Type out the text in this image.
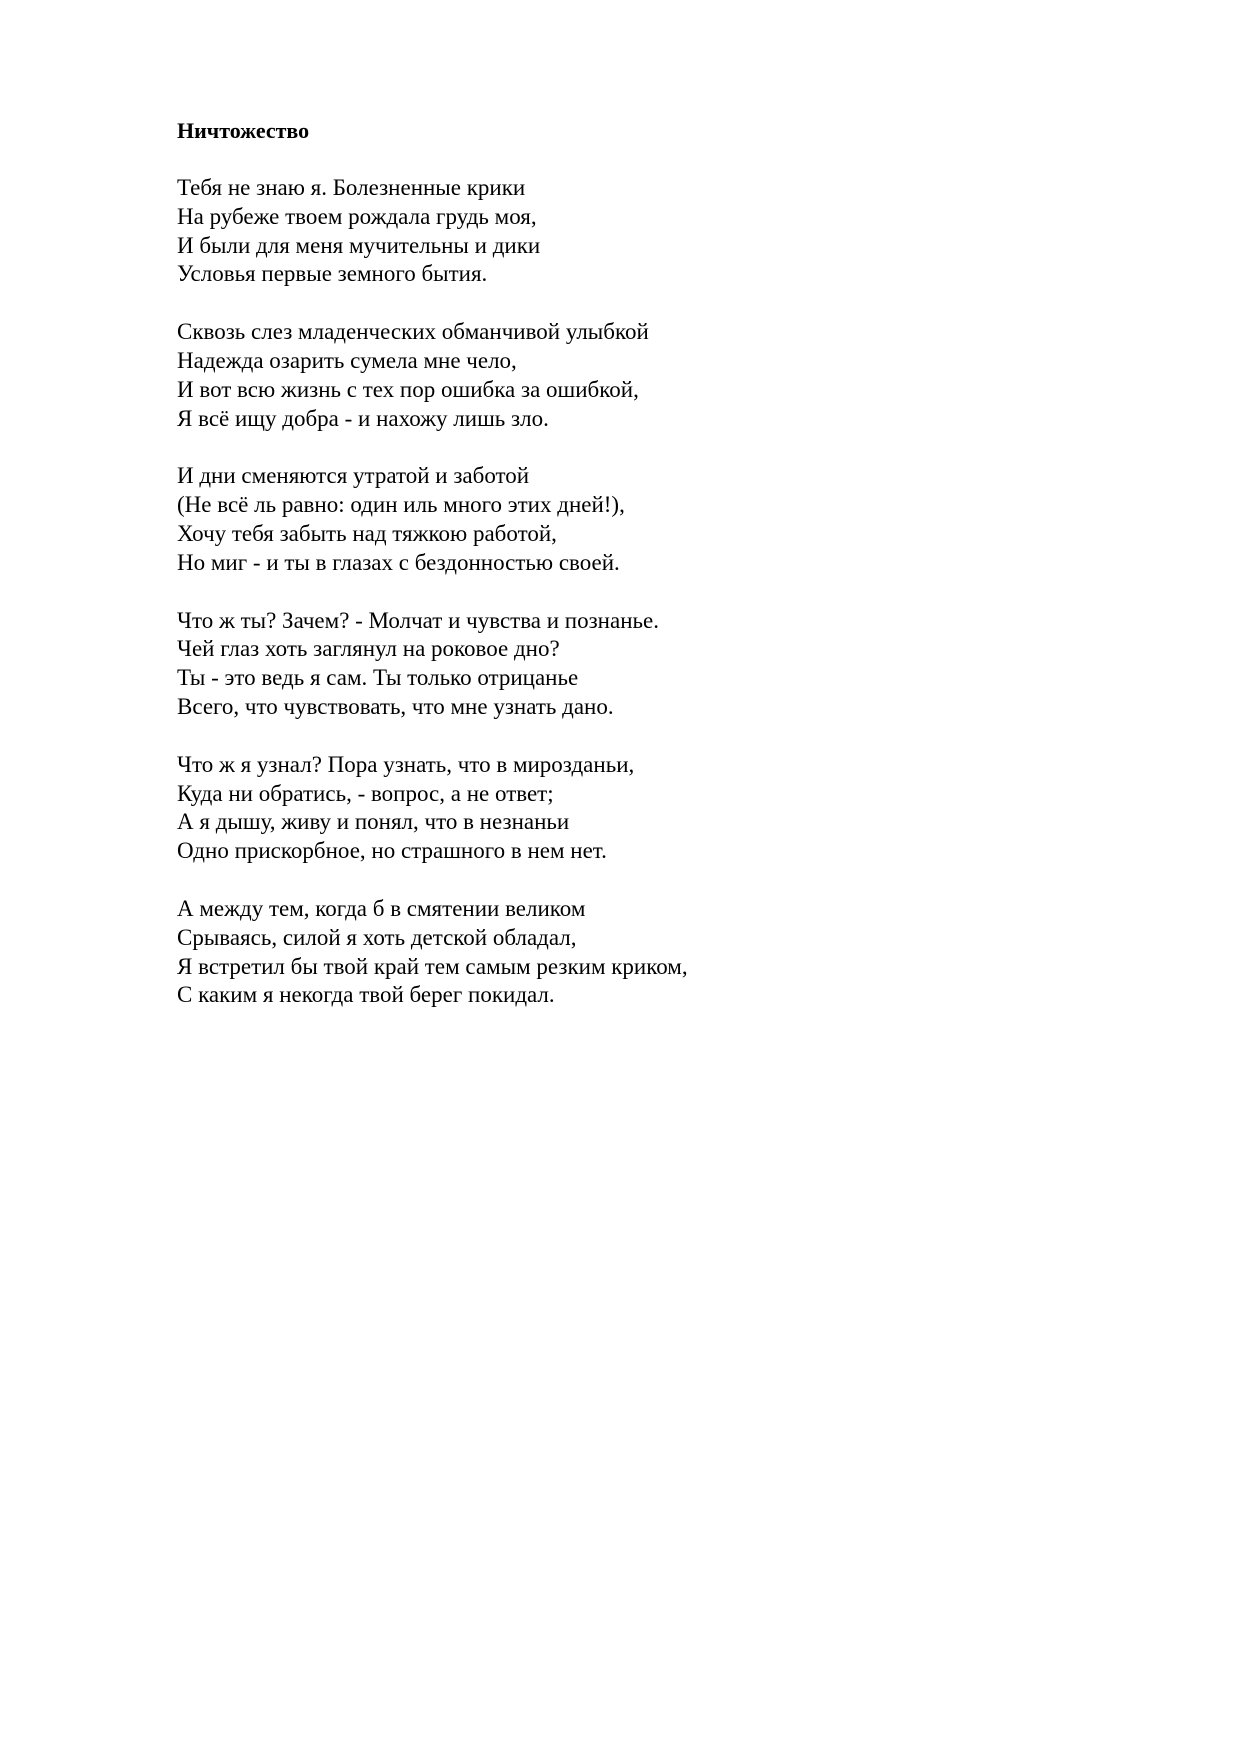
Ничтожество
Тебя не знаю я. Болезненные крики
На рубеже твоем рождала грудь моя,
И были для меня мучительны и дики
Условья первые земного бытия.
Сквозь слез младенческих обманчивой улыбкой
Надежда озарить сумела мне чело,
И вот всю жизнь с тех пор ошибка за ошибкой,
Я всё ищу добра - и нахожу лишь зло.
И дни сменяются утратой и заботой
(Не всё ль равно: один иль много этих дней!),
Хочу тебя забыть над тяжкою работой,
Но миг - и ты в глазах с бездонностью своей.
Что ж ты? Зачем? - Молчат и чувства и познанье.
Чей глаз хоть заглянул на роковое дно?
Ты - это ведь я сам. Ты только отрицанье
Всего, что чувствовать, что мне узнать дано.
Что ж я узнал? Пора узнать, что в мирозданьи,
Куда ни обратись, - вопрос, а не ответ;
А я дышу, живу и понял, что в незнаньи
Одно прискорбное, но страшного в нем нет.
А между тем, когда б в смятении великом
Срываясь, силой я хоть детской обладал,
Я встретил бы твой край тем самым резким криком,
С каким я некогда твой берег покидал.
